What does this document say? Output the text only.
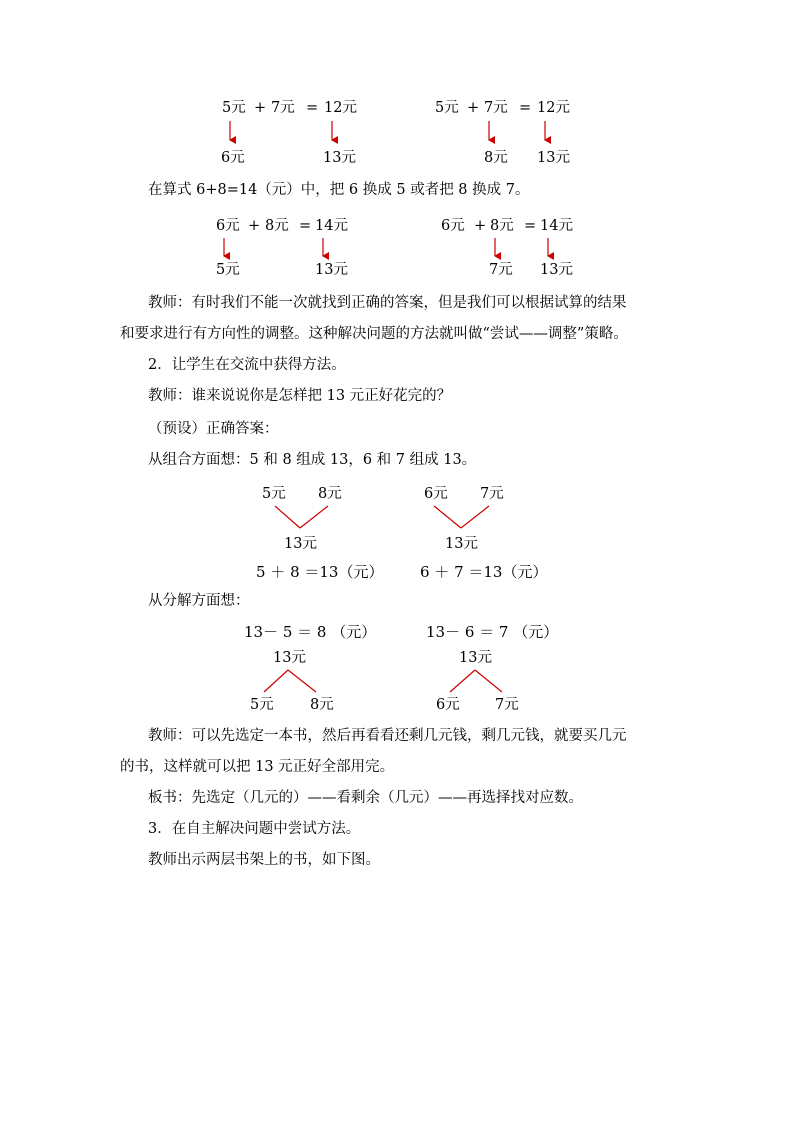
5元 + 7元 = 12元
6元	13元
5元 + 7元 = 12元
8元 13元
6元 + 8元 = 14元
5元	13元
6元 + 8元 = 14元
7元 13元
5元 8元
13元
5 ＋ 8 ＝13（元）
6元 7元
13元
6 ＋ 7 ＝13（元）
13－ 5 ＝ 8 （元）
13元
5元	8元
13－ 6 ＝ 7 （元）
13元
6元 7元
在算式 6+8=14（元）中，把 6 换成 5 或者把 8 换成 7。
教师：有时我们不能一次就找到正确的答案，但是我们可以根据试算的结果
和要求进行有方向性的调整。这种解决问题的方法就叫做“尝试——调整”策略。
2．让学生在交流中获得方法。
教师：谁来说说你是怎样把 13 元正好花完的？
（预设）正确答案：
从组合方面想：5 和 8 组成 13，6 和 7 组成 13。
从分解方面想：
教师：可以先选定一本书，然后再看看还剩几元钱，剩几元钱，就要买几元
的书，这样就可以把 13 元正好全部用完。
板书：先选定（几元的）——看剩余（几元）——再选择找对应数。
3．在自主解决问题中尝试方法。
教师出示两层书架上的书，如下图。
